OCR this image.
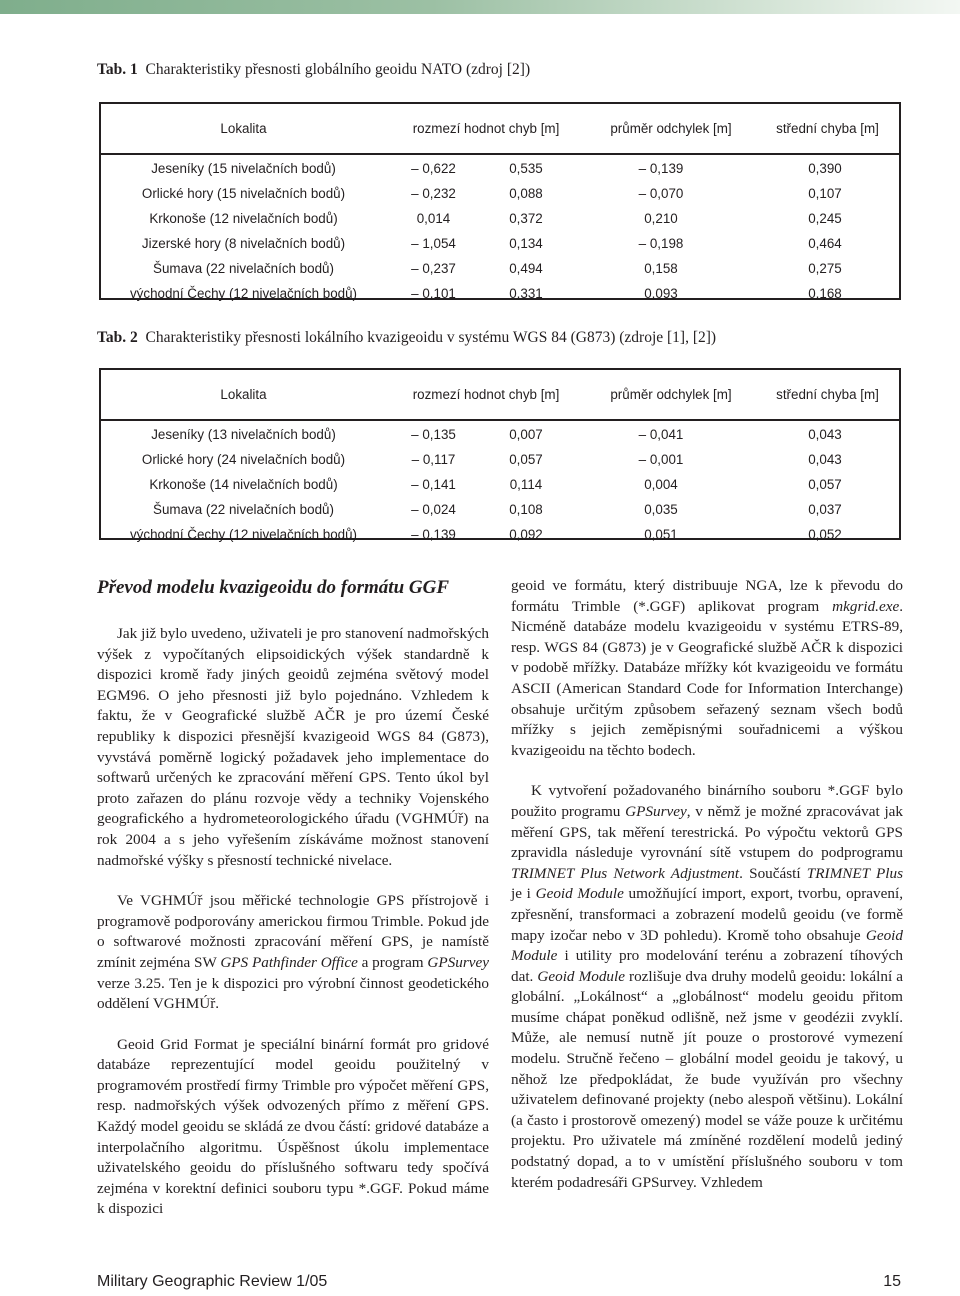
Tab. 1 Charakteristiky přesnosti globálního geoidu NATO (zdroj [2])
Lokalita	rozmezí hodnot chyb [m]	průměr odchylek [m]	střední chyba [m]
Jeseníky (15 nivelačních bodů)	– 0,622	0,535	– 0,139	0,390
Orlické hory (15 nivelačních bodů)	– 0,232	0,088	– 0,070	0,107
Krkonoše (12 nivelačních bodů)	0,014	0,372	0,210	0,245
Jizerské hory (8 nivelačních bodů)	– 1,054	0,134	– 0,198	0,464
Šumava (22 nivelačních bodů)	– 0,237	0,494	0,158	0,275
východní Čechy (12 nivelačních bodů)	– 0,101	0,331	0,093	0,168
Tab. 2 Charakteristiky přesnosti lokálního kvazigeoidu v systému WGS 84 (G873) (zdroje [1], [2])
Lokalita	rozmezí hodnot chyb [m]	průměr odchylek [m]	střední chyba [m]
Jeseníky (13 nivelačních bodů)	– 0,135	0,007	– 0,041	0,043
Orlické hory (24 nivelačních bodů)	– 0,117	0,057	– 0,001	0,043
Krkonoše (14 nivelačních bodů)	– 0,141	0,114	0,004	0,057
Šumava (22 nivelačních bodů)	– 0,024	0,108	0,035	0,037
východní Čechy (12 nivelačních bodů)	– 0,139	0,092	0,051	0,052
Převod modelu kvazigeoidu do formátu GGF

Jak již bylo uvedeno, uživateli je pro stanovení nadmořských výšek z vypočítaných elipsoidických výšek standardně k dispozici kromě řady jiných geoidů zejména světový model EGM96. O jeho přesnosti již bylo pojednáno. Vzhledem k faktu, že v Geografické službě AČR je pro území České republiky k dispozici přesnější kvazigeoid WGS 84 (G873), vyvstává poměrně logický požadavek jeho implementace do softwarů určených ke zpracování měření GPS. Tento úkol byl proto zařazen do plánu rozvoje vědy a techniky Vojenského geografického a hydrometeorologického úřadu (VGHMÚř) na rok 2004 a s jeho vyřešením získáváme možnost stanovení nadmořské výšky s přesností technické nivelace.

Ve VGHMÚř jsou měřické technologie GPS přístrojově i programově podporovány americkou firmou Trimble. Pokud jde o softwarové možnosti zpracování měření GPS, je namístě zmínit zejména SW GPS Pathfinder Office a program GPSurvey verze 3.25. Ten je k dispozici pro výrobní činnost geodetického oddělení VGHMÚř.

Geoid Grid Format je speciální binární formát pro gridové databáze reprezentující model geoidu použitelný v programovém prostředí firmy Trimble pro výpočet měření GPS, resp. nadmořských výšek odvozených přímo z měření GPS. Každý model geoidu se skládá ze dvou částí: gridové databáze a interpolačního algoritmu. Úspěšnost úkolu implementace uživatelského geoidu do příslušného softwaru tedy spočívá zejména v korektní definici souboru typu *.GGF. Pokud máme k dispozici

geoid ve formátu, který distribuuje NGA, lze k převodu do formátu Trimble (*.GGF) aplikovat program mkgrid.exe. Nicméně databáze modelu kvazigeoidu v systému ETRS-89, resp. WGS 84 (G873) je v Geografické službě AČR k dispozici v podobě mřížky. Databáze mřížky kót kvazigeoidu ve formátu ASCII (American Standard Code for Information Interchange) obsahuje určitým způsobem seřazený seznam všech bodů mřížky s jejich zeměpisnými souřadnicemi a výškou kvazigeoidu na těchto bodech.

K vytvoření požadovaného binárního souboru *.GGF bylo použito programu GPSurvey, v němž je možné zpracovávat jak měření GPS, tak měření terestrická. Po výpočtu vektorů GPS zpravidla následuje vyrovnání sítě vstupem do podprogramu TRIMNET Plus Network Adjustment. Součástí TRIMNET Plus je i Geoid Module umožňující import, export, tvorbu, opravení, zpřesnění, transformaci a zobrazení modelů geoidu (ve formě mapy izočar nebo v 3D pohledu). Kromě toho obsahuje Geoid Module i utility pro modelování terénu a zobrazení tíhových dat. Geoid Module rozlišuje dva druhy modelů geoidu: lokální a globální. „Lokálnost“ a „globálnost“ modelu geoidu přitom musíme chápat poněkud odlišně, než jsme v geodézii zvyklí. Může, ale nemusí nutně jít pouze o prostorové vymezení modelu. Stručně řečeno – globální model geoidu je takový, u něhož lze předpokládat, že bude využíván pro všechny uživatelem definované projekty (nebo alespoň většinu). Lokální (a často i prostorově omezený) model se váže pouze k určitému projektu. Pro uživatele má zmíněné rozdělení modelů jediný podstatný dopad, a to v umístění příslušného souboru v tom kterém podadresáři GPSurvey. Vzhledem

Military Geographic Review 1/05	15
